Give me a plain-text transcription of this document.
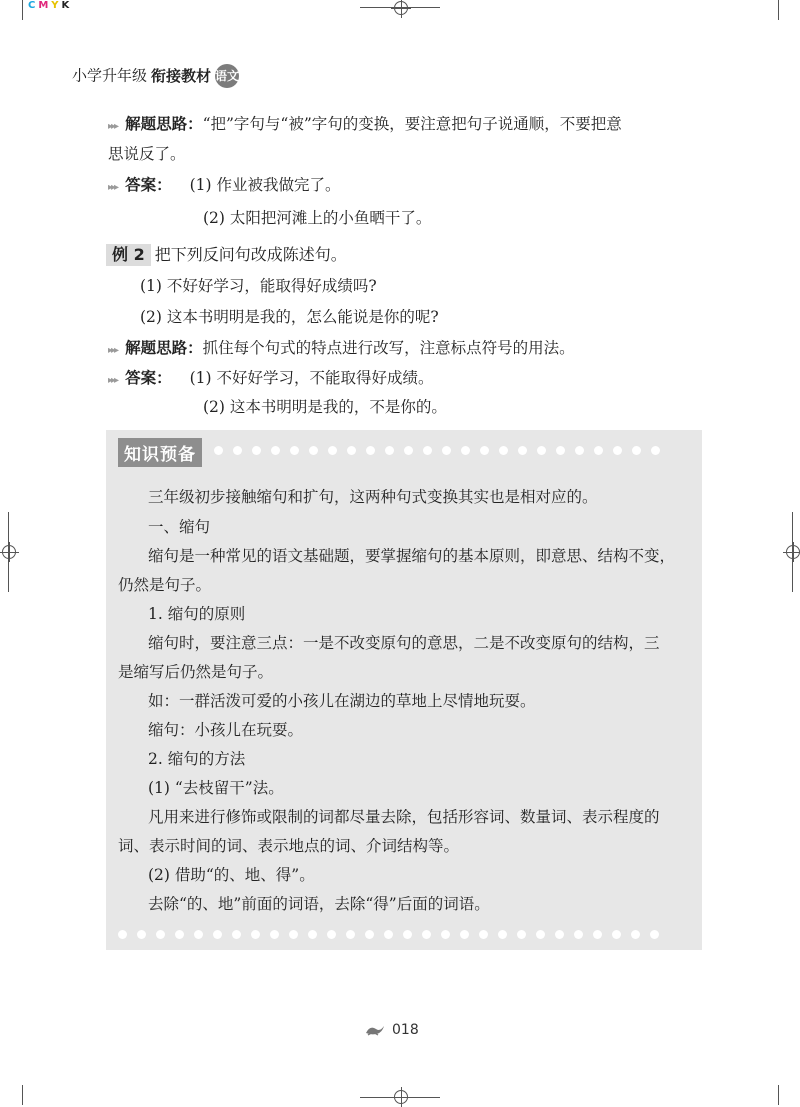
CMYK
小学升年级 衔接教材 语文
▸▸▸ 解题思路：“把”字句与“被”字句的变换，要注意把句子说通顺，不要把意
思说反了。
▸▸▸ 答案： (1) 作业被我做完了。
(2) 太阳把河滩上的小鱼晒干了。
例 2 把下列反问句改成陈述句。
(1) 不好好学习，能取得好成绩吗?
(2) 这本书明明是我的，怎么能说是你的呢?
▸▸▸ 解题思路：抓住每个句式的特点进行改写，注意标点符号的用法。
▸▸▸ 答案： (1) 不好好学习，不能取得好成绩。
(2) 这本书明明是我的，不是你的。
知识预备
三年级初步接触缩句和扩句，这两种句式变换其实也是相对应的。
一、缩句
缩句是一种常见的语文基础题，要掌握缩句的基本原则，即意思、结构不变，
仍然是句子。
1. 缩句的原则
缩句时，要注意三点：一是不改变原句的意思，二是不改变原句的结构，三
是缩写后仍然是句子。
如：一群活泼可爱的小孩儿在湖边的草地上尽情地玩耍。
缩句：小孩儿在玩耍。
2. 缩句的方法
(1) “去枝留干”法。
凡用来进行修饰或限制的词都尽量去除，包括形容词、数量词、表示程度的
词、表示时间的词、表示地点的词、介词结构等。
(2) 借助“的、地、得”。
去除“的、地”前面的词语，去除“得”后面的词语。
018
